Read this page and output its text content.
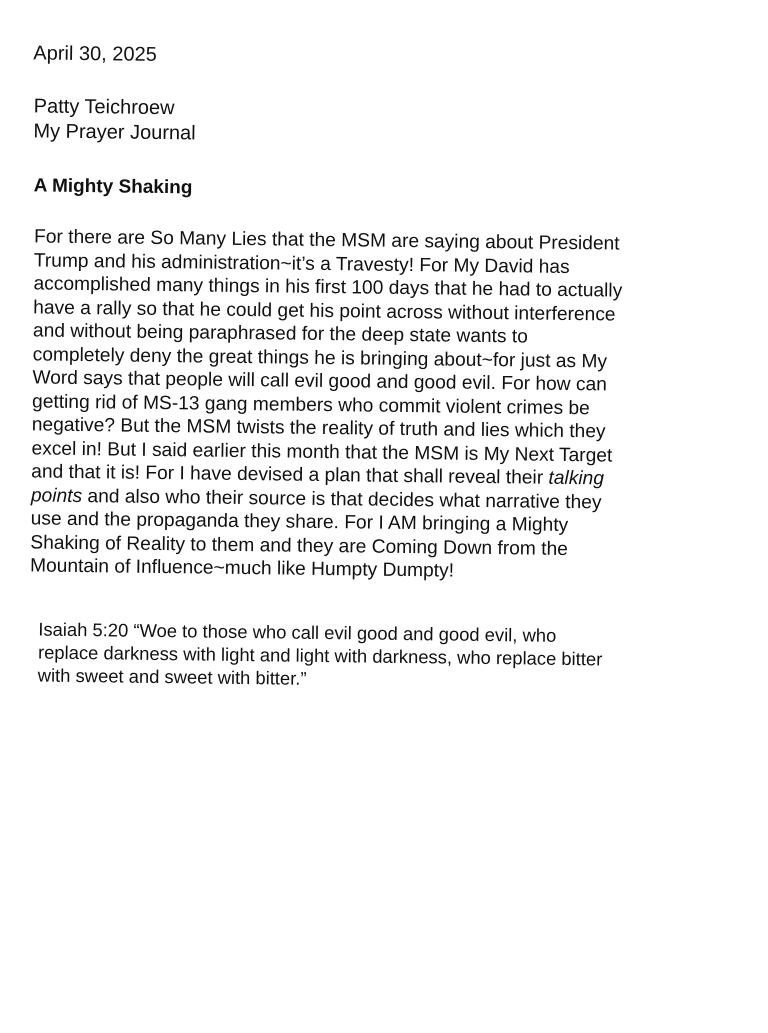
April 30, 2025

Patty Teichroew
My Prayer Journal
A Mighty Shaking
For there are So Many Lies that the MSM are saying about President
Trump and his administration~it’s a Travesty! For My David has
accomplished many things in his first 100 days that he had to actually
have a rally so that he could get his point across without interference
and without being paraphrased for the deep state wants to
completely deny the great things he is bringing about~for just as My
Word says that people will call evil good and good evil. For how can
getting rid of MS-13 gang members who commit violent crimes be
negative? But the MSM twists the reality of truth and lies which they
excel in! But I said earlier this month that the MSM is My Next Target
and that it is! For I have devised a plan that shall reveal their talking
points and also who their source is that decides what narrative they
use and the propaganda they share. For I AM bringing a Mighty
Shaking of Reality to them and they are Coming Down from the
Mountain of Influence~much like Humpty Dumpty!
Isaiah 5:20 “Woe to those who call evil good and good evil, who
replace darkness with light and light with darkness, who replace bitter
with sweet and sweet with bitter.”
